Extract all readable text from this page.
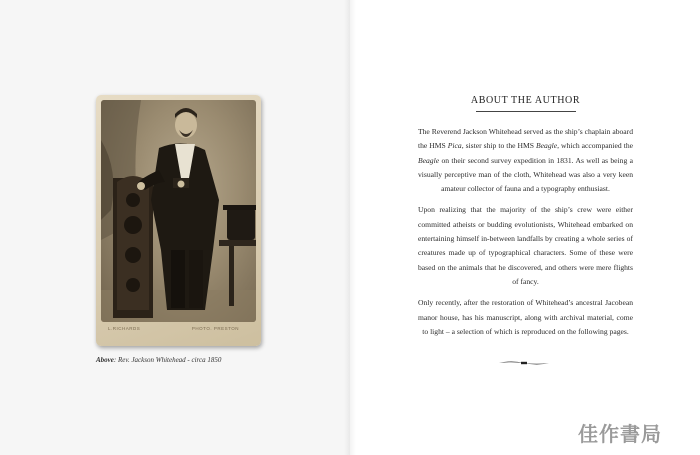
L.RICHARDS	PHOTO. PRESTON
Above: Rev. Jackson Whitehead - circa 1850
ABOUT THE AUTHOR

The Reverend Jackson Whitehead served as the ship’s chaplain aboard the HMS Pica, sister ship to the HMS Beagle, which accompanied the Beagle on their second survey expedition in 1831. As well as being a visually perceptive man of the cloth, Whitehead was also a very keen amateur collector of fauna and a typography enthusiast.

Upon realizing that the majority of the ship’s crew were either committed atheists or budding evolutionists, Whitehead embarked on entertaining himself in-between landfalls by creating a whole series of creatures made up of typographical characters. Some of these were based on the animals that he discovered, and others were mere flights of fancy.

Only recently, after the restoration of Whitehead’s ancestral Jacobean manor house, has his manuscript, along with archival material, come to light – a selection of which is reproduced on the following pages.

佳作書局
